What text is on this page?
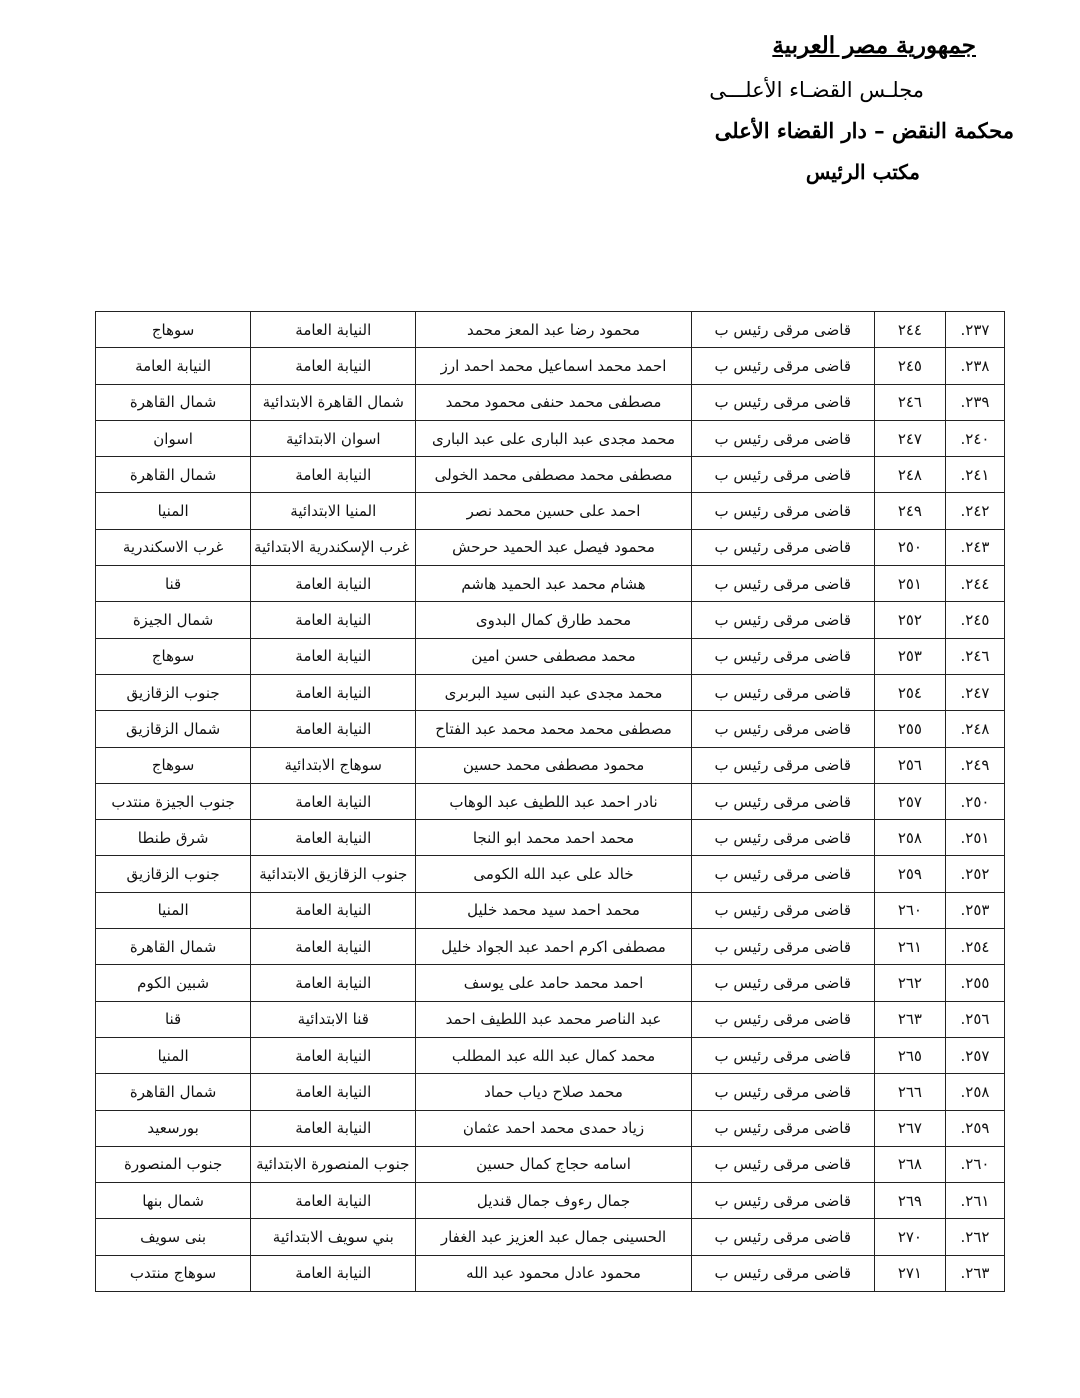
جمهورية مصر العربية
مجلـس القضـاء الأعلـــى
محكمة النقض – دار القضاء الأعلى
مكتب الرئيس
٢٣٧.	٢٤٤	قاضى مرقى رئيس ب	محمود رضا عبد المعز محمد	النيابة العامة	سوهاج
٢٣٨.	٢٤٥	قاضى مرقى رئيس ب	احمد محمد اسماعيل محمد احمد ارز	النيابة العامة	النيابة العامة
٢٣٩.	٢٤٦	قاضى مرقى رئيس ب	مصطفى محمد حنفى محمود محمد	شمال القاهرة الابتدائية	شمال القاهرة
٢٤٠.	٢٤٧	قاضى مرقى رئيس ب	محمد مجدى عبد البارى على عبد البارى	اسوان الابتدائية	اسوان
٢٤١.	٢٤٨	قاضى مرقى رئيس ب	مصطفى محمد مصطفى محمد الخولى	النيابة العامة	شمال القاهرة
٢٤٢.	٢٤٩	قاضى مرقى رئيس ب	احمد على حسين محمد نصر	المنيا الابتدائية	المنيا
٢٤٣.	٢٥٠	قاضى مرقى رئيس ب	محمود فيصل عبد الحميد حرحش	غرب الإسكندرية الابتدائية	غرب الاسكندرية
٢٤٤.	٢٥١	قاضى مرقى رئيس ب	هشام محمد عبد الحميد هاشم	النيابة العامة	قنا
٢٤٥.	٢٥٢	قاضى مرقى رئيس ب	محمد طارق كمال البدوى	النيابة العامة	شمال الجيزة
٢٤٦.	٢٥٣	قاضى مرقى رئيس ب	محمد مصطفى حسن امين	النيابة العامة	سوهاج
٢٤٧.	٢٥٤	قاضى مرقى رئيس ب	محمد مجدى عبد النبى سيد البربرى	النيابة العامة	جنوب الزقازيق
٢٤٨.	٢٥٥	قاضى مرقى رئيس ب	مصطفى محمد محمد محمد عبد الفتاح	النيابة العامة	شمال الزقازيق
٢٤٩.	٢٥٦	قاضى مرقى رئيس ب	محمود مصطفى محمد حسين	سوهاج الابتدائية	سوهاج
٢٥٠.	٢٥٧	قاضى مرقى رئيس ب	نادر احمد عبد اللطيف عبد الوهاب	النيابة العامة	جنوب الجيزة منتدب
٢٥١.	٢٥٨	قاضى مرقى رئيس ب	محمد احمد محمد ابو النجا	النيابة العامة	شرق طنطا
٢٥٢.	٢٥٩	قاضى مرقى رئيس ب	خالد على عبد الله الكومى	جنوب الزقازيق الابتدائية	جنوب الزقازيق
٢٥٣.	٢٦٠	قاضى مرقى رئيس ب	محمد احمد سيد محمد خليل	النيابة العامة	المنيا
٢٥٤.	٢٦١	قاضى مرقى رئيس ب	مصطفى اكرم احمد عبد الجواد خليل	النيابة العامة	شمال القاهرة
٢٥٥.	٢٦٢	قاضى مرقى رئيس ب	احمد محمد حامد على يوسف	النيابة العامة	شبين الكوم
٢٥٦.	٢٦٣	قاضى مرقى رئيس ب	عبد الناصر محمد عبد اللطيف احمد	قنا الابتدائية	قنا
٢٥٧.	٢٦٥	قاضى مرقى رئيس ب	محمد كمال عبد الله عبد المطلب	النيابة العامة	المنيا
٢٥٨.	٢٦٦	قاضى مرقى رئيس ب	محمد صلاح دياب حماد	النيابة العامة	شمال القاهرة
٢٥٩.	٢٦٧	قاضى مرقى رئيس ب	زياد حمدى محمد احمد عثمان	النيابة العامة	بورسعيد
٢٦٠.	٢٦٨	قاضى مرقى رئيس ب	اسامه حجاج كمال حسين	جنوب المنصورة الابتدائية	جنوب المنصورة
٢٦١.	٢٦٩	قاضى مرقى رئيس ب	جمال رءوف جمال قنديل	النيابة العامة	شمال بنها
٢٦٢.	٢٧٠	قاضى مرقى رئيس ب	الحسينى جمال عبد العزيز عبد الغفار	بني سويف الابتدائية	بنى سويف
٢٦٣.	٢٧١	قاضى مرقى رئيس ب	محمود عادل محمود عبد الله	النيابة العامة	سوهاج منتدب
